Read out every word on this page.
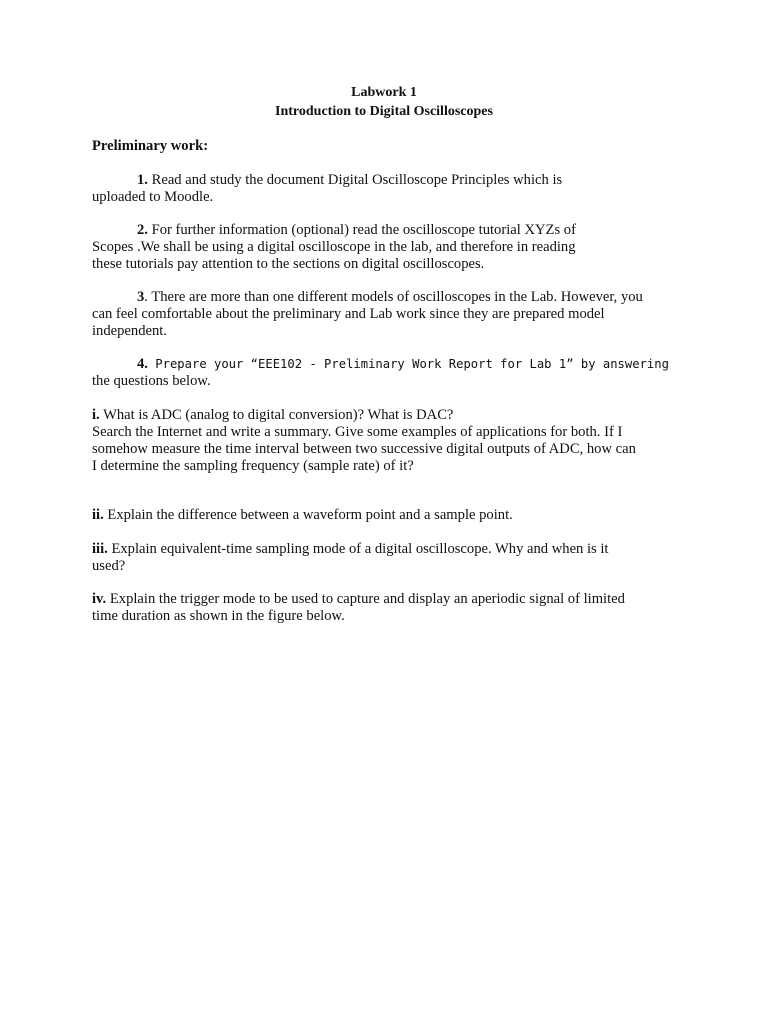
Labwork 1
Introduction to Digital Oscilloscopes
Preliminary work:
1. Read and study the document Digital Oscilloscope Principles which is
uploaded to Moodle.
2. For further information (optional) read the oscilloscope tutorial XYZs of
Scopes .We shall be using a digital oscilloscope in the lab, and therefore in reading
these tutorials pay attention to the sections on digital oscilloscopes.
3. There are more than one different models of oscilloscopes in the Lab. However, you
can feel comfortable about the preliminary and Lab work since they are prepared model
independent.
4. Prepare your “EEE102 - Preliminary Work Report for Lab 1” by answering
the questions below.
i. What is ADC (analog to digital conversion)? What is DAC?
Search the Internet and write a summary. Give some examples of applications for both. If I
somehow measure the time interval between two successive digital outputs of ADC, how can
I determine the sampling frequency (sample rate) of it?
ii. Explain the difference between a waveform point and a sample point.
iii. Explain equivalent-time sampling mode of a digital oscilloscope. Why and when is it
used?
iv. Explain the trigger mode to be used to capture and display an aperiodic signal of limited
time duration as shown in the figure below.
